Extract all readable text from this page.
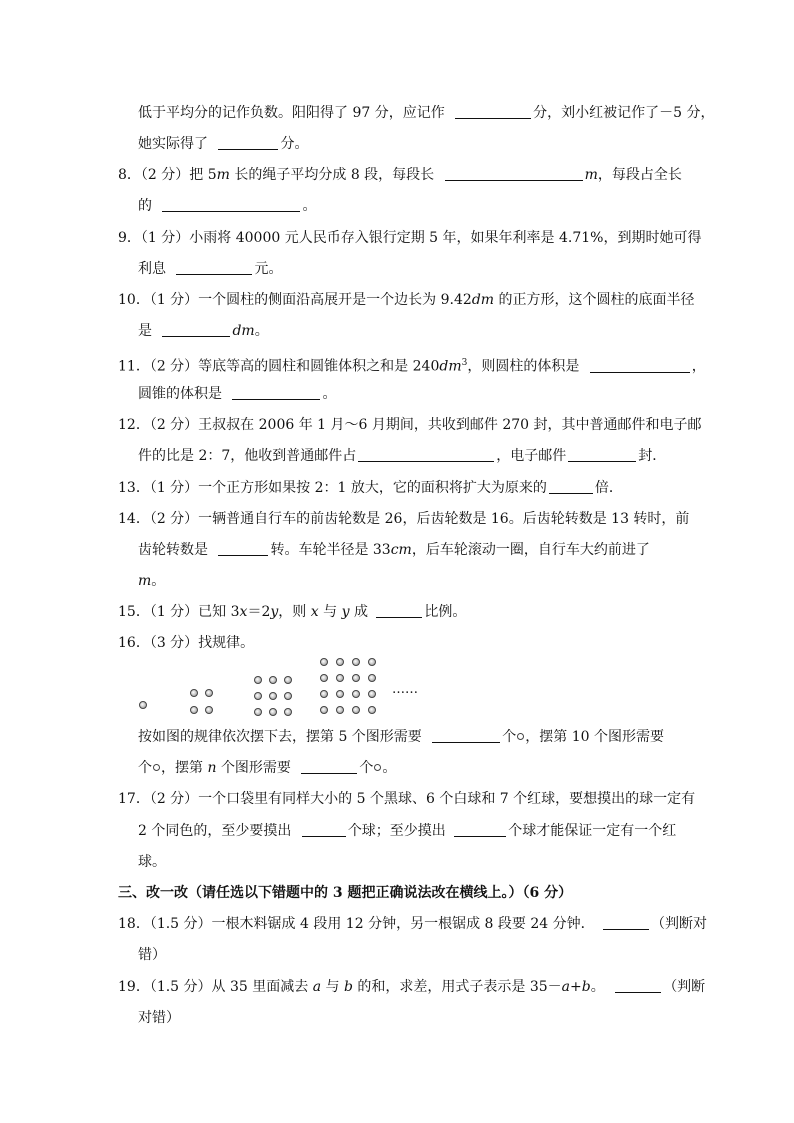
低于平均分的记作负数。阳阳得了 97 分，应记作	分，刘小红被记作了－5 分，
她实际得了	分。
8．（2 分）把 5m 长的绳子平均分成 8 段，每段长	m，每段占全长
的	。
9．（1 分）小雨将 40000 元人民币存入银行定期 5 年，如果年利率是 4.71%，到期时她可得
利息	元。
10．（1 分）一个圆柱的侧面沿高展开是一个边长为 9.42dm 的正方形，这个圆柱的底面半径
是	dm。
11．（2 分）等底等高的圆柱和圆锥体积之和是 $240dm^3$，则圆柱的体积是	，
圆锥的体积是	。
12．（2 分）王叔叔在 2006 年 1 月～6 月期间，共收到邮件 270 封，其中普通邮件和电子邮
件的比是 2：7，他收到普通邮件占	，电子邮件	封．
13．（1 分）一个正方形如果按 2：1 放大，它的面积将扩大为原来的	倍．
14．（2 分）一辆普通自行车的前齿轮数是 26，后齿轮数是 16。后齿轮转数是 13 转时，前
齿轮转数是	转。车轮半径是 33cm，后车轮滚动一圈，自行车大约前进了
m。
15．（1 分）已知 3x＝2y，则 x 与 y 成	比例。
16．（3 分）找规律。
……
按如图的规律依次摆下去，摆第 5 个图形需要	个 ，摆第 10 个图形需要
个 ，摆第 n 个图形需要	个 。
17．（2 分）一个口袋里有同样大小的 5 个黑球、6 个白球和 7 个红球，要想摸出的球一定有
2 个同色的，至少要摸出	个球；至少摸出	个球才能保证一定有一个红
球。
三、改一改（请任选以下错题中的 3 题把正确说法改在横线上。）（6 分）
18．（1.5 分）一根木料锯成 4 段用 12 分钟，另一根锯成 8 段要 24 分钟．	（判断对
错）
19．（1.5 分）从 35 里面减去 a 与 b 的和，求差，用式子表示是 35－a+b。	（判断
对错）
